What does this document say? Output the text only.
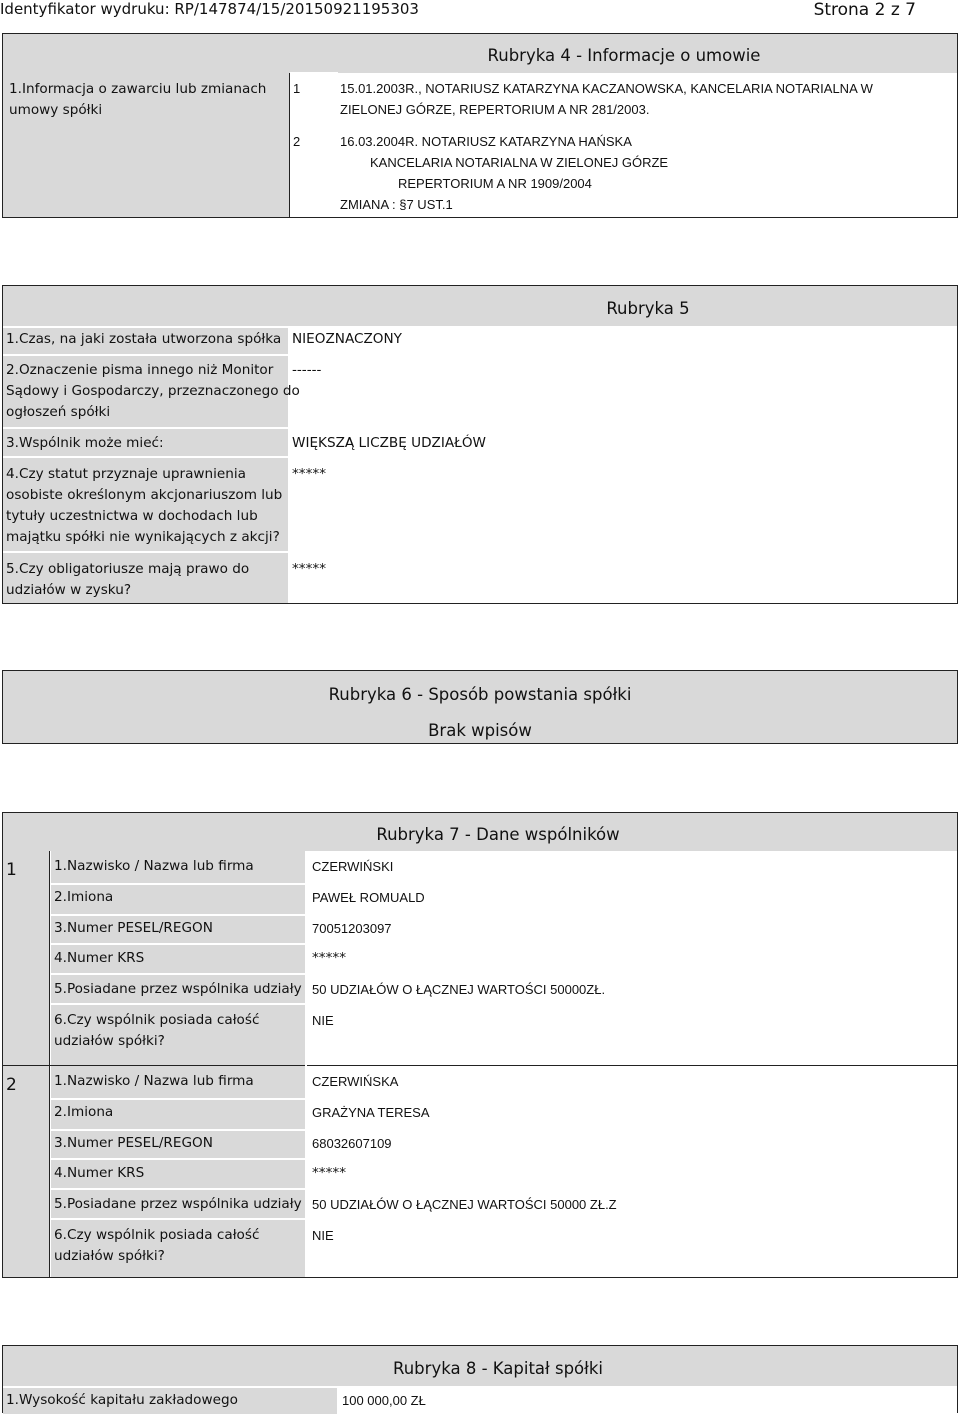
Identyfikator wydruku: RP/147874/15/20150921195303	Strona 2 z 7
Rubryka 4 - Informacje o umowie
1.Informacja o zawarciu lub zmianach
umowy spółki
1	15.01.2003R., NOTARIUSZ KATARZYNA KACZANOWSKA, KANCELARIA NOTARIALNA W
ZIELONEJ GÓRZE, REPERTORIUM A NR 281/2003.
2	16.03.2004R. NOTARIUSZ KATARZYNA HAŃSKA
KANCELARIA NOTARIALNA W ZIELONEJ GÓRZE
REPERTORIUM A NR 1909/2004
ZMIANA : §7 UST.1
Rubryka 5
1.Czas, na jaki została utworzona spółka NIEOZNACZONY
2.Oznaczenie pisma innego niż Monitor
Sądowy i Gospodarczy, przeznaczonego do
ogłoszeń spółki
------
3.Wspólnik może mieć:	WIĘKSZĄ LICZBĘ UDZIAŁÓW
4.Czy statut przyznaje uprawnienia
osobiste określonym akcjonariuszom lub
tytuły uczestnictwa w dochodach lub
majątku spółki nie wynikających z akcji?
*****
5.Czy obligatoriusze mają prawo do
udziałów w zysku?
*****
Rubryka 6 - Sposób powstania spółki
Brak wpisów
Rubryka 7 - Dane wspólników
1	1.Nazwisko / Nazwa lub firma	CZERWIŃSKI
2.Imiona	PAWEŁ ROMUALD
3.Numer PESEL/REGON	70051203097
4.Numer KRS	*****
5.Posiadane przez wspólnika udziały 50 UDZIAŁÓW O ŁĄCZNEJ WARTOŚCI 50000ZŁ.
6.Czy wspólnik posiada całość
udziałów spółki?
NIE
2	1.Nazwisko / Nazwa lub firma	CZERWIŃSKA
2.Imiona	GRAŻYNA TERESA
3.Numer PESEL/REGON	68032607109
4.Numer KRS	*****
5.Posiadane przez wspólnika udziały 50 UDZIAŁÓW O ŁĄCZNEJ WARTOŚCI 50000 ZŁ.Z
6.Czy wspólnik posiada całość
udziałów spółki?
NIE
Rubryka 8 - Kapitał spółki
1.Wysokość kapitału zakładowego	100 000,00 ZŁ
